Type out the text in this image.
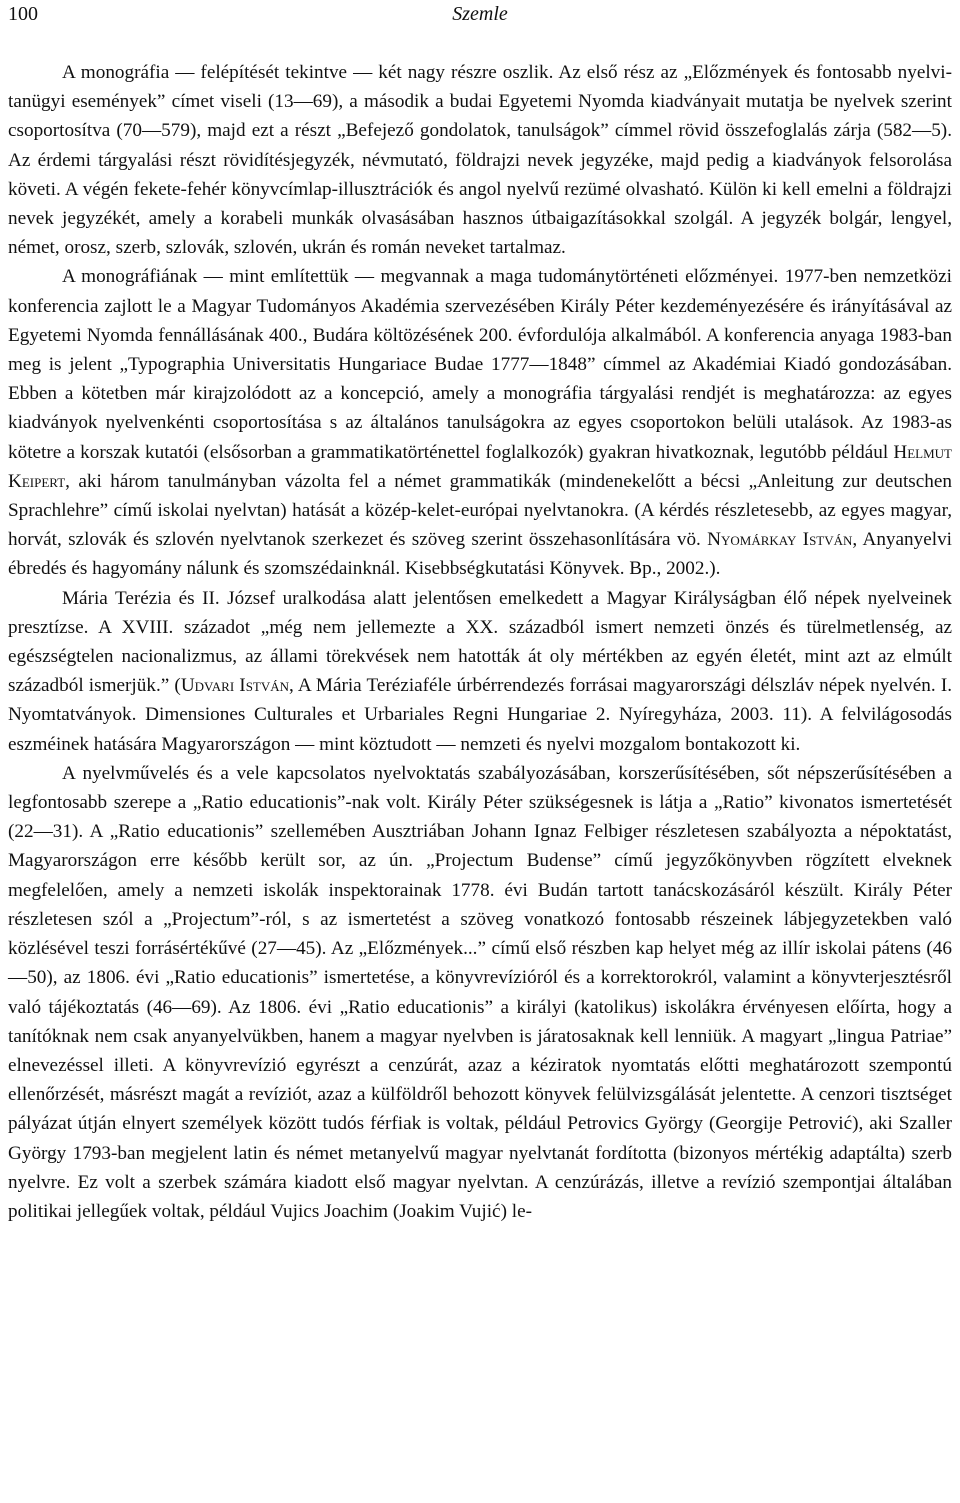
100	Szemle

A monográfia — felépítését tekintve — két nagy részre oszlik. Az első rész az „Előzmények és fontosabb nyelvi-tanügyi események” címet viseli (13—69), a második a budai Egyetemi Nyomda kiadványait mutatja be nyelvek szerint csoportosítva (70—579), majd ezt a részt „Befejező gondolatok, tanulságok” címmel rövid összefoglalás zárja (582—5). Az érdemi tárgyalási részt rövidítésjegyzék, névmutató, földrajzi nevek jegyzéke, majd pedig a kiadványok felsorolása követi. A végén fekete-fehér könyvcímlap-illusztrációk és angol nyelvű rezümé olvasható. Külön ki kell emelni a földrajzi nevek jegyzékét, amely a korabeli munkák olvasásában hasznos útbaigazításokkal szolgál. A jegyzék bolgár, lengyel, német, orosz, szerb, szlovák, szlovén, ukrán és román neveket tartalmaz.

A monográfiának — mint említettük — megvannak a maga tudománytörténeti előzményei. 1977-ben nemzetközi konferencia zajlott le a Magyar Tudományos Akadémia szervezésében Király Péter kezdeményezésére és irányításával az Egyetemi Nyomda fennállásának 400., Budára költözésének 200. évfordulója alkalmából. A konferencia anyaga 1983-ban meg is jelent „Typographia Universitatis Hungariace Budae 1777—1848” címmel az Akadémiai Kiadó gondozásában. Ebben a kötetben már kirajzolódott az a koncepció, amely a monográfia tárgyalási rendjét is meghatározza: az egyes kiadványok nyelvenkénti csoportosítása s az általános tanulságokra az egyes csoportokon belüli utalások. Az 1983-as kötetre a korszak kutatói (elsősorban a grammatikatörténettel foglalkozók) gyakran hivatkoznak, legutóbb például Helmut Keipert, aki három tanulmányban vázolta fel a német grammatikák (mindenekelőtt a bécsi „Anleitung zur deutschen Sprachlehre” című iskolai nyelvtan) hatását a közép-kelet-európai nyelvtanokra. (A kérdés részletesebb, az egyes magyar, horvát, szlovák és szlovén nyelvtanok szerkezet és szöveg szerint összehasonlítására vö. Nyomárkay István, Anyanyelvi ébredés és hagyomány nálunk és szomszédainknál. Kisebbségkutatási Könyvek. Bp., 2002.).

Mária Terézia és II. József uralkodása alatt jelentősen emelkedett a Magyar Királyságban élő népek nyelveinek presztízse. A XVIII. századot „még nem jellemezte a XX. századból ismert nemzeti önzés és türelmetlenség, az egészségtelen nacionalizmus, az állami törekvések nem hatották át oly mértékben az egyén életét, mint azt az elmúlt századból ismerjük.” (Udvari István, A Mária Teréziaféle úrbérrendezés forrásai magyarországi délszláv népek nyelvén. I. Nyomtatványok. Dimensiones Culturales et Urbariales Regni Hungariae 2. Nyíregyháza, 2003. 11). A felvilágosodás eszméinek hatására Magyarországon — mint köztudott — nemzeti és nyelvi mozgalom bontakozott ki.

A nyelvművelés és a vele kapcsolatos nyelvoktatás szabályozásában, korszerűsítésében, sőt népszerűsítésében a legfontosabb szerepe a „Ratio educationis”-nak volt. Király Péter szükségesnek is látja a „Ratio” kivonatos ismertetését (22—31). A „Ratio educationis” szellemében Ausztriában Johann Ignaz Felbiger részletesen szabályozta a népoktatást, Magyarországon erre később került sor, az ún. „Projectum Budense” című jegyzőkönyvben rögzített elveknek megfelelően, amely a nemzeti iskolák inspektorainak 1778. évi Budán tartott tanácskozásáról készült. Király Péter részletesen szól a „Projectum”-ról, s az ismertetést a szöveg vonatkozó fontosabb részeinek lábjegyzetekben való közlésével teszi forrásértékűvé (27—45). Az „Előzmények...” című első részben kap helyet még az illír iskolai pátens (46—50), az 1806. évi „Ratio educationis” ismertetése, a könyvrevízióról és a korrektorokról, valamint a könyvterjesztésről való tájékoztatás (46—69). Az 1806. évi „Ratio educationis” a királyi (katolikus) iskolákra érvényesen előírta, hogy a tanítóknak nem csak anyanyelvükben, hanem a magyar nyelvben is járatosaknak kell lenniük. A magyart „lingua Patriae” elnevezéssel illeti. A könyvrevízió egyrészt a cenzúrát, azaz a kéziratok nyomtatás előtti meghatározott szempontú ellenőrzését, másrészt magát a revíziót, azaz a külföldről behozott könyvek felülvizsgálását jelentette. A cenzori tisztséget pályázat útján elnyert személyek között tudós férfiak is voltak, például Petrovics György (Georgije Petrović), aki Szaller György 1793-ban megjelent latin és német metanyelvű magyar nyelvtanát fordította (bizonyos mértékig adaptálta) szerb nyelvre. Ez volt a szerbek számára kiadott első magyar nyelvtan. A cenzúrázás, illetve a revízió szempontjai általában politikai jellegűek voltak, például Vujics Joachim (Joakim Vujić) le-
